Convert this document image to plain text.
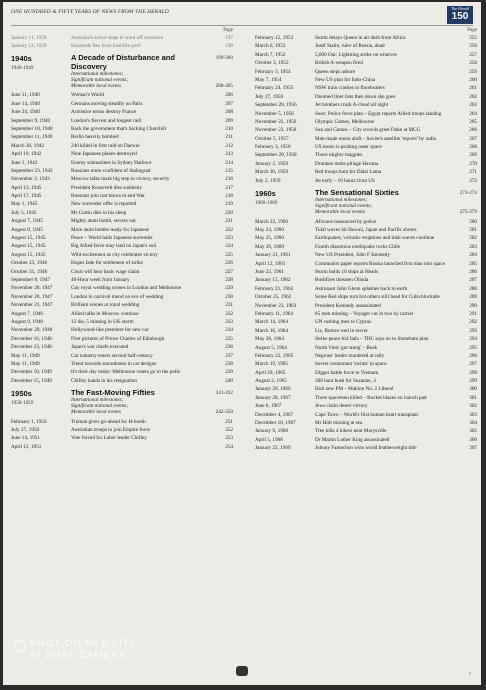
ONE HUNDRED & FIFTY YEARS OF NEWS FROM THE HERALD
The Herald
150
Page
January 11, 1939	Australia's active steps to ward off recession	197
January 13, 1939	Hundreds flee from bushfire peril	198
1940s
1940-1949
A Decade of Disturbance and Discovery
199-200
International milestones;
Significant national events;
Memorable local events	200-205
June 11, 1940	Woman's World	206
June 14, 1940	Germans moving steadily on Paris	207
June 24, 1940	Armistice terms destroy France	208
September 9, 1940	London's fiercest and longest raid	209
September 10, 1940	Back the government that's backing Churchill	210
September 11, 1940	Berlin heavily bombed	211
March 30, 1942	240 killed in first raid on Darwin	212
April 10, 1942	Nine Japanese planes destroyed	213
June 1, 1942	Enemy submarines in Sydney Harbour	214
September 23, 1942	Russians more confident of Stalingrad	215
November 2, 1943	Moscow talks mark big step to victory, security	216
April 13, 1945	President Roosevelt dies suddenly	217
April 17, 1945	Russians join last blows to end War	218
May 1, 1945	New surrender offer is reported	219
July 5, 1945	Mr Curtin dies in his sleep	220
August 7, 1945	Mighty atom bomb, secrets out	221
August 8, 1945	More atom bombs ready for Japanese	222
August 15, 1945	Peace – World hails Japanese surrender	223
August 15, 1945	Big Allied force may land on Japan's soil	224
August 15, 1945	Wild excitement as city celebrates victory	225
October 23, 1946	Hopes fade for settlement of strike	226
October 31, 1946	Court will hear basic wage claim	227
September 8, 1947	40-Hour week from January	228
November 20, 1947	Gay royal wedding scenes in London and Melbourne	229
November 20, 1947	London in carnival mood on eve of wedding	230
November 21, 1947	Brilliant scenes at royal wedding	231
August 7, 1948	Allied talks in Moscow continue	232
August 9, 1948	12 die, 5 missing in UK storm	233
November 29, 1948	Hollywood-like premiere for new car	234
December 16, 1948	First pictures of Prince Charles of Edinburgh	235
December 23, 1948	Japan's war chiefs executed	236
May 11, 1949	Car industry enters second half-century	237
May 11, 1949	Trend towards smoothness in car designs	238
December 10, 1949	It's their day today: Melbourne voters go to the polls	239
December 15, 1949	Chifley hands in his resignation	240
1950s
1950-1959
The Fast-Moving Fifties	241-242
International milestones;
Significant national events;
Memorable local events	242-250
February 1, 1950	Truman gives go-ahead for H-bomb	251
July 27, 1950	Australian troops to join Empire force	252
June 14, 1951	Vote forced for Labor leader Chifley	253
April 12, 1951	254
Page
February 12, 1953	Storm delays Queen in air dash from Africa	255
March 6, 1953	Josef Stalin, ruler of Russia, dead	256
March 7, 1952	5,000 Out: Lightning strike on wharves	257
October 3, 1952	British A-weapon fired	258
February 3, 1954	Queen steps ashore	259
May 7, 1954	New US plan for Indo-China	260
February 24, 1955	NSW train crashes in floodwaters	261
July 27, 1956	Doomed liner lists then down she goes	262
September 28, 1956	Jet bombers track A-cloud all night	263
November 5, 1956	Suez: Police force plan – Egypt reports Allied troops landing	264
November 22, 1956	Olympic Games, Melbourne	265
November 22, 1956	Sun and Games – City crowds greet Duke at MCG	266
October 5, 1957	Man-made moon aloft – Soviet's satellite 'reports' by radio	267
February 3, 1958	US moon is probing outer space	268
September 20, 1958	Those mighty magpies	269
January 2, 1959	Drunken mobs pillage Havana	270
March 30, 1959	Red troops hunt for Dalai Lama	271
July 2, 1959	Jet early – 16 hours from US	272
1960s
1960-1969
The Sensational Sixties	273-274
International milestones;
Significant national events;
Memorable local events	275-279
March 22, 1960	Africans massacred by police	280
May 24, 1960	Tidal waves hit Hawaii, Japan and Pacific shores	281
May 25, 1960	Earthquakes, volcanic eruptions and tidal waves continue	282
May 26, 1960	Fourth disastrous earthquake rocks Chile	283
January 21, 1961	New US President, John F Kennedy	284
April 12, 1961	Communist paper reports Russia launched first man into space	285
June 22, 1961	Storm holds 10 ships at Heads	286
January 15, 1962	Bushfires threaten Olinda	287
February 21, 1962	Astronaut John Glenn splashes back to earth	288
October 25, 1962	Some Red ships turn but others still head for Cuba blockade	289
November 23, 1963	President Kennedy assassinated	290
February 11, 1964	85 men missing – Voyager cut in two by carrier	291
March 14, 1964	UN rushing men to Cyprus	292
March 16, 1964	Liz, Burton wed in secret	293
May 28, 1964	Strike peace bid fails – THC says no to Stoneham plan	294
August 5, 1964	North Viets 'got stung' – Rusk	295
February 22, 1965	Negroes' leader murdered at rally	296
March 19, 1965	Soviet cosmonaut 'swims' in space	297
April 29, 1965	Digger battle force to Vietnam	298
August 2, 1965	500 hunt bush for Suzanne, 3	299
January 20, 1966	Holt new PM – Mahlon No. 2 Liberal	300
January 28, 1967	Three spacemen killed – Rocket blazes on launch pad	301
June 6, 1967	Jews claim desert victory	302
December 4, 1967	Cape Town – World's first human heart transplant	303
December 18, 1967	Mr Holt missing at sea	304
January 9, 1968	Tree kills 4 hikers near Marysville	305
April 5, 1968	Dr Martin Luther King assassinated	306
January 22, 1969	Johnny Famechon wins world featherweight title	307
7
SHOT ON MI 8 LITE
AI DUAL CAMERA
